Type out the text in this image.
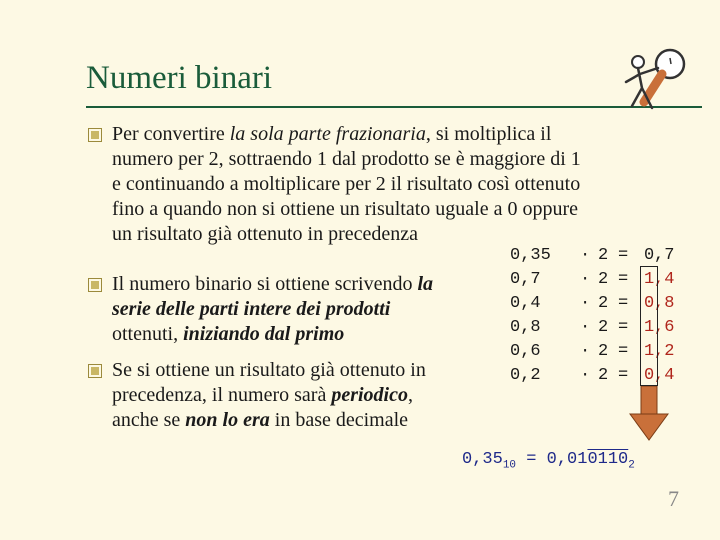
Numeri binari
Per convertire la sola parte frazionaria, si moltiplica il
numero per 2, sottraendo 1 dal prodotto se è maggiore di 1
e continuando a moltiplicare per 2 il risultato così ottenuto
fino a quando non si ottiene un risultato uguale a 0 oppure
un risultato già ottenuto in precedenza
Il numero binario si ottiene scrivendo la
serie delle parti intere dei prodotti
ottenuti, iniziando dal primo
Se si ottiene un risultato già ottenuto in
precedenza, il numero sarà periodico,
anche se non lo era in base decimale
0,35 · 2 = 0 ,7
0,7 · 2 = 1 ,4
0,4 · 2 = 0 ,8
0,8 · 2 = 1 ,6
0,6 · 2 = 1 ,2
0,2 · 2 = 0 ,4
$0,35_{10} = 0,010110_2$
7
